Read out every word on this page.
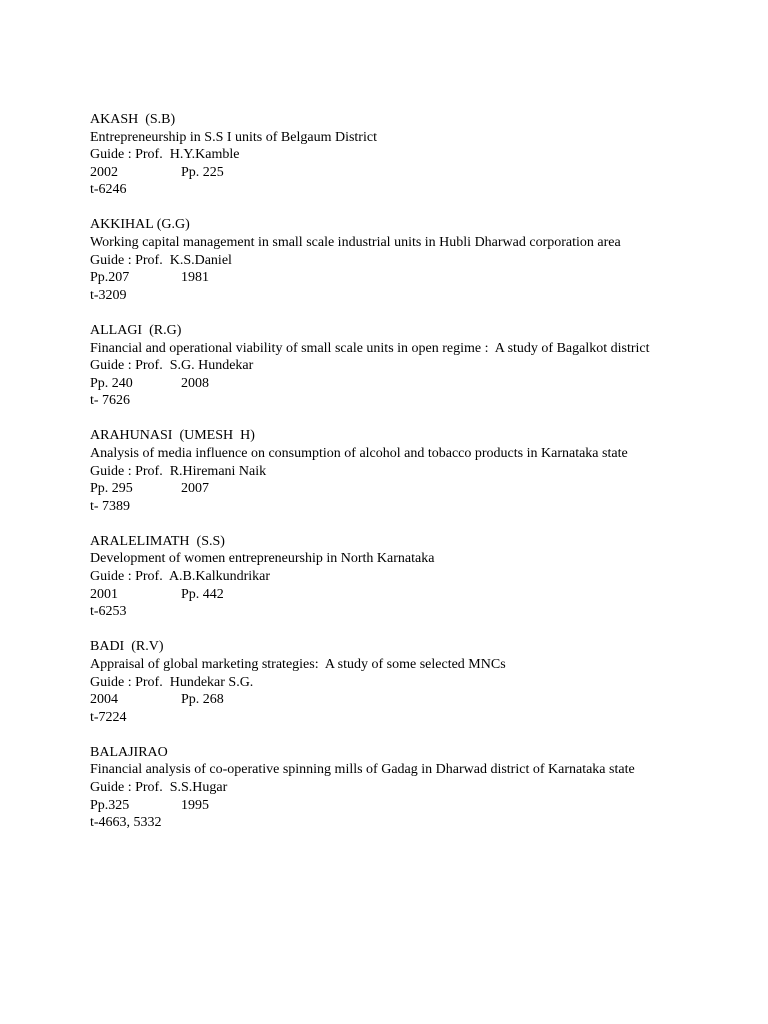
AKASH  (S.B)
Entrepreneurship in S.S I units of Belgaum District
Guide : Prof.  H.Y.Kamble
2002	Pp. 225
t-6246
AKKIHAL (G.G)
Working capital management in small scale industrial units in Hubli Dharwad corporation area
Guide : Prof.  K.S.Daniel
Pp.207	1981
t-3209
ALLAGI  (R.G)
Financial and operational viability of small scale units in open regime :  A study of Bagalkot district
Guide : Prof.  S.G. Hundekar
Pp. 240	2008
t- 7626
ARAHUNASI  (UMESH  H)
Analysis of media influence on consumption of alcohol and tobacco products in Karnataka state
Guide : Prof.  R.Hiremani Naik
Pp. 295	2007
t- 7389
ARALELIMATH  (S.S)
Development of women entrepreneurship in North Karnataka
Guide : Prof.  A.B.Kalkundrikar
2001	Pp. 442
t-6253
BADI  (R.V)
Appraisal of global marketing strategies:  A study of some selected MNCs
Guide : Prof.  Hundekar S.G.
2004	Pp. 268
t-7224
BALAJIRAO
Financial analysis of co-operative spinning mills of Gadag in Dharwad district of Karnataka state
Guide : Prof.  S.S.Hugar
Pp.325	1995
t-4663, 5332
